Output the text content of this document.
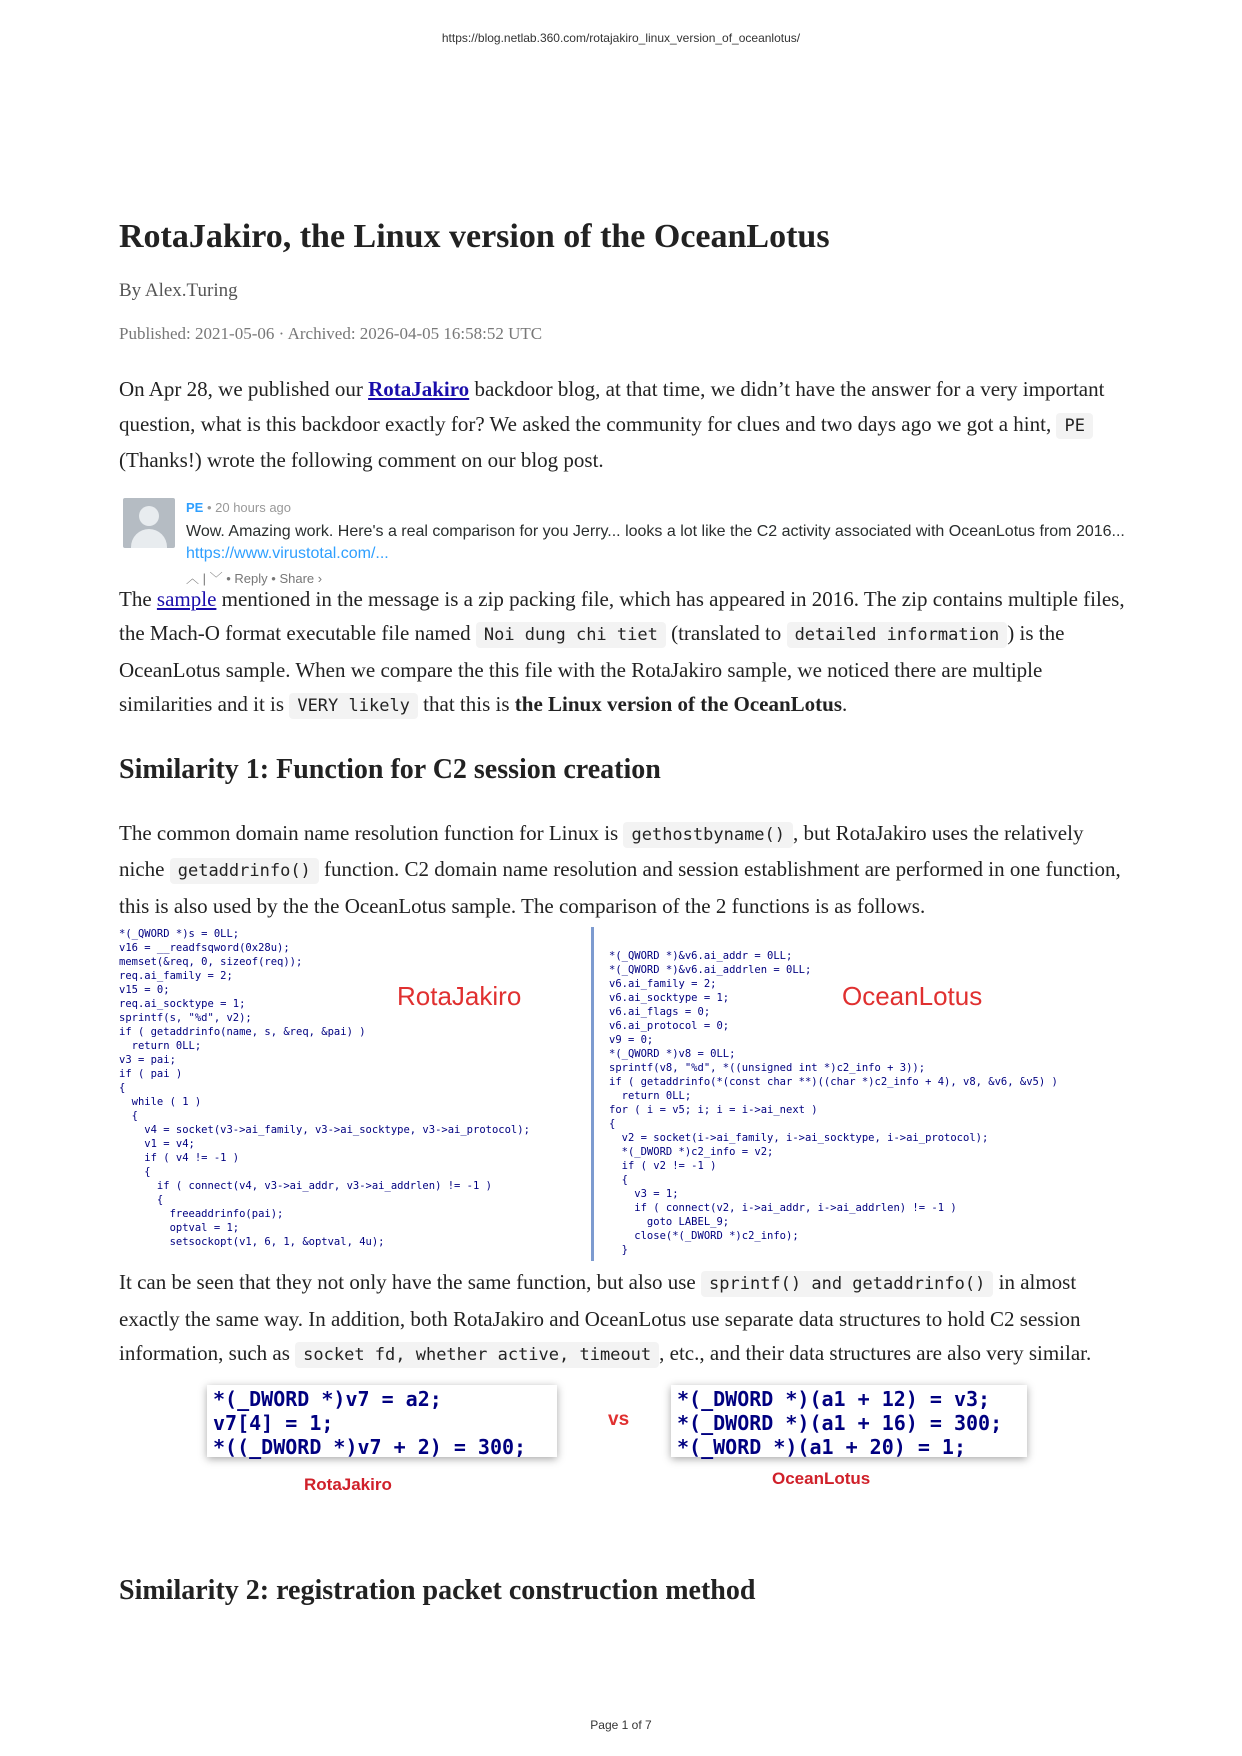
https://blog.netlab.360.com/rotajakiro_linux_version_of_oceanlotus/
RotaJakiro, the Linux version of the OceanLotus
By Alex.Turing
Published: 2021-05-06 · Archived: 2026-04-05 16:58:52 UTC

On Apr 28, we published our RotaJakiro backdoor blog, at that time, we didn’t have the answer for a very important question, what is this backdoor exactly for? We asked the community for clues and two days ago we got a hint, PE (Thanks!) wrote the following comment on our blog post.

PE • 20 hours ago
Wow. Amazing work. Here's a real comparison for you Jerry... looks a lot like the C2 activity associated with OceanLotus from 2016...
https://www.virustotal.com/...
︿ | ﹀ • Reply • Share ›

The sample mentioned in the message is a zip packing file, which has appeared in 2016. The zip contains multiple files, the Mach-O format executable file named Noi dung chi tiet (translated to detailed information ) is the OceanLotus sample. When we compare the this file with the RotaJakiro sample, we noticed there are multiple similarities and it is VERY likely that this is the Linux version of the OceanLotus.

Similarity 1: Function for C2 session creation

The common domain name resolution function for Linux is gethostbyname() , but RotaJakiro uses the relatively niche getaddrinfo() function. C2 domain name resolution and session establishment are performed in one function, this is also used by the the OceanLotus sample. The comparison of the 2 functions is as follows.

*(_QWORD *)s = 0LL;
v16 = __readfsqword(0x28u);
memset(&req, 0, sizeof(req));
req.ai_family = 2;
v15 = 0;
req.ai_socktype = 1;
sprintf(s, "%d", v2);
if ( getaddrinfo(name, s, &req, &pai) )
return 0LL;
v3 = pai;
if ( pai )
{
while ( 1 )
{
v4 = socket(v3->ai_family, v3->ai_socktype, v3->ai_protocol);
v1 = v4;
if ( v4 != -1 )
{
if ( connect(v4, v3->ai_addr, v3->ai_addrlen) != -1 )
{
freeaddrinfo(pai);
optval = 1;
setsockopt(v1, 6, 1, &optval, 4u);
*(_QWORD *)&v6.ai_addr = 0LL;
*(_QWORD *)&v6.ai_addrlen = 0LL;
v6.ai_family = 2;
v6.ai_socktype = 1;
v6.ai_flags = 0;
v6.ai_protocol = 0;
v9 = 0;
*(_QWORD *)v8 = 0LL;
sprintf(v8, "%d", *((unsigned int *)c2_info + 3));
if ( getaddrinfo(*(const char **)((char *)c2_info + 4), v8, &v6, &v5) )
return 0LL;
for ( i = v5; i; i = i->ai_next )
{
v2 = socket(i->ai_family, i->ai_socktype, i->ai_protocol);
*(_DWORD *)c2_info = v2;
if ( v2 != -1 )
{
v3 = 1;
if ( connect(v2, i->ai_addr, i->ai_addrlen) != -1 )
goto LABEL_9;
close(*(_DWORD *)c2_info);
}
RotaJakiro	OceanLotus

It can be seen that they not only have the same function, but also use sprintf() and getaddrinfo() in almost exactly the same way. In addition, both RotaJakiro and OceanLotus use separate data structures to hold C2 session information, such as socket fd, whether active, timeout , etc., and their data structures are also very similar.

*(_DWORD *)v7 = a2;
v7[4] = 1;
*((_DWORD *)v7 + 2) = 300;
vs
*(_DWORD *)(a1 + 12) = v3;
*(_DWORD *)(a1 + 16) = 300;
*(_WORD *)(a1 + 20) = 1;
RotaJakiro	OceanLotus
Similarity 2: registration packet construction method
Page 1 of 7
